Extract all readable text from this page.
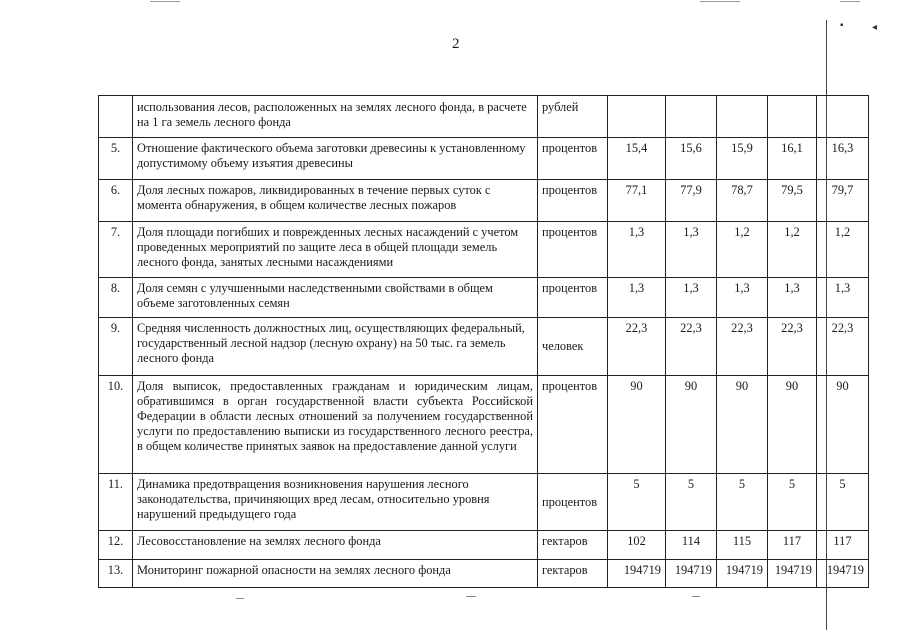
2
▪	◂
	использования лесов, расположенных на землях лесного фонда, в расчете на 1 га земель лесного фонда	рублей					
5.	Отношение фактического объема заготовки древесины к установленному допустимому объему изъятия древесины	процентов	15,4	15,6	15,9	16,1	16,3
6.	Доля лесных пожаров, ликвидированных в течение первых суток с момента обнаружения, в общем количестве лесных пожаров	процентов	77,1	77,9	78,7	79,5	79,7
7.	Доля площади погибших и поврежденных лесных насаждений с учетом проведенных мероприятий по защите леса в общей площади земель лесного фонда, занятых лесными насаждениями	процентов	1,3	1,3	1,2	1,2	1,2
8.	Доля семян с улучшенными наследственными свойствами в общем объеме заготовленных семян	процентов	1,3	1,3	1,3	1,3	1,3
9.	Средняя численность должностных лиц, осуществляющих федеральный, государственный лесной надзор (лесную охрану) на 50 тыс. га земель лесного фонда	человек	22,3	22,3	22,3	22,3	22,3
10.	Доля выписок, предоставленных гражданам и юридическим лицам, обратившимся в орган государственной власти субъекта Российской Федерации в области лесных отношений за получением государственной услуги по предоставлению выписки из государственного лесного реестра, в общем количестве принятых заявок на предоставление данной услуги	процентов	90	90	90	90	90
11.	Динамика предотвращения возникновения нарушения лесного законодательства, причиняющих вред лесам, относительно уровня нарушений предыдущего года	процентов	5	5	5	5	5
12.	Лесовосстановление на землях лесного фонда	гектаров	102	114	115	117	117
13.	Мониторинг пожарной опасности на землях лесного фонда	гектаров	194719	194719	194719	194719	194719
